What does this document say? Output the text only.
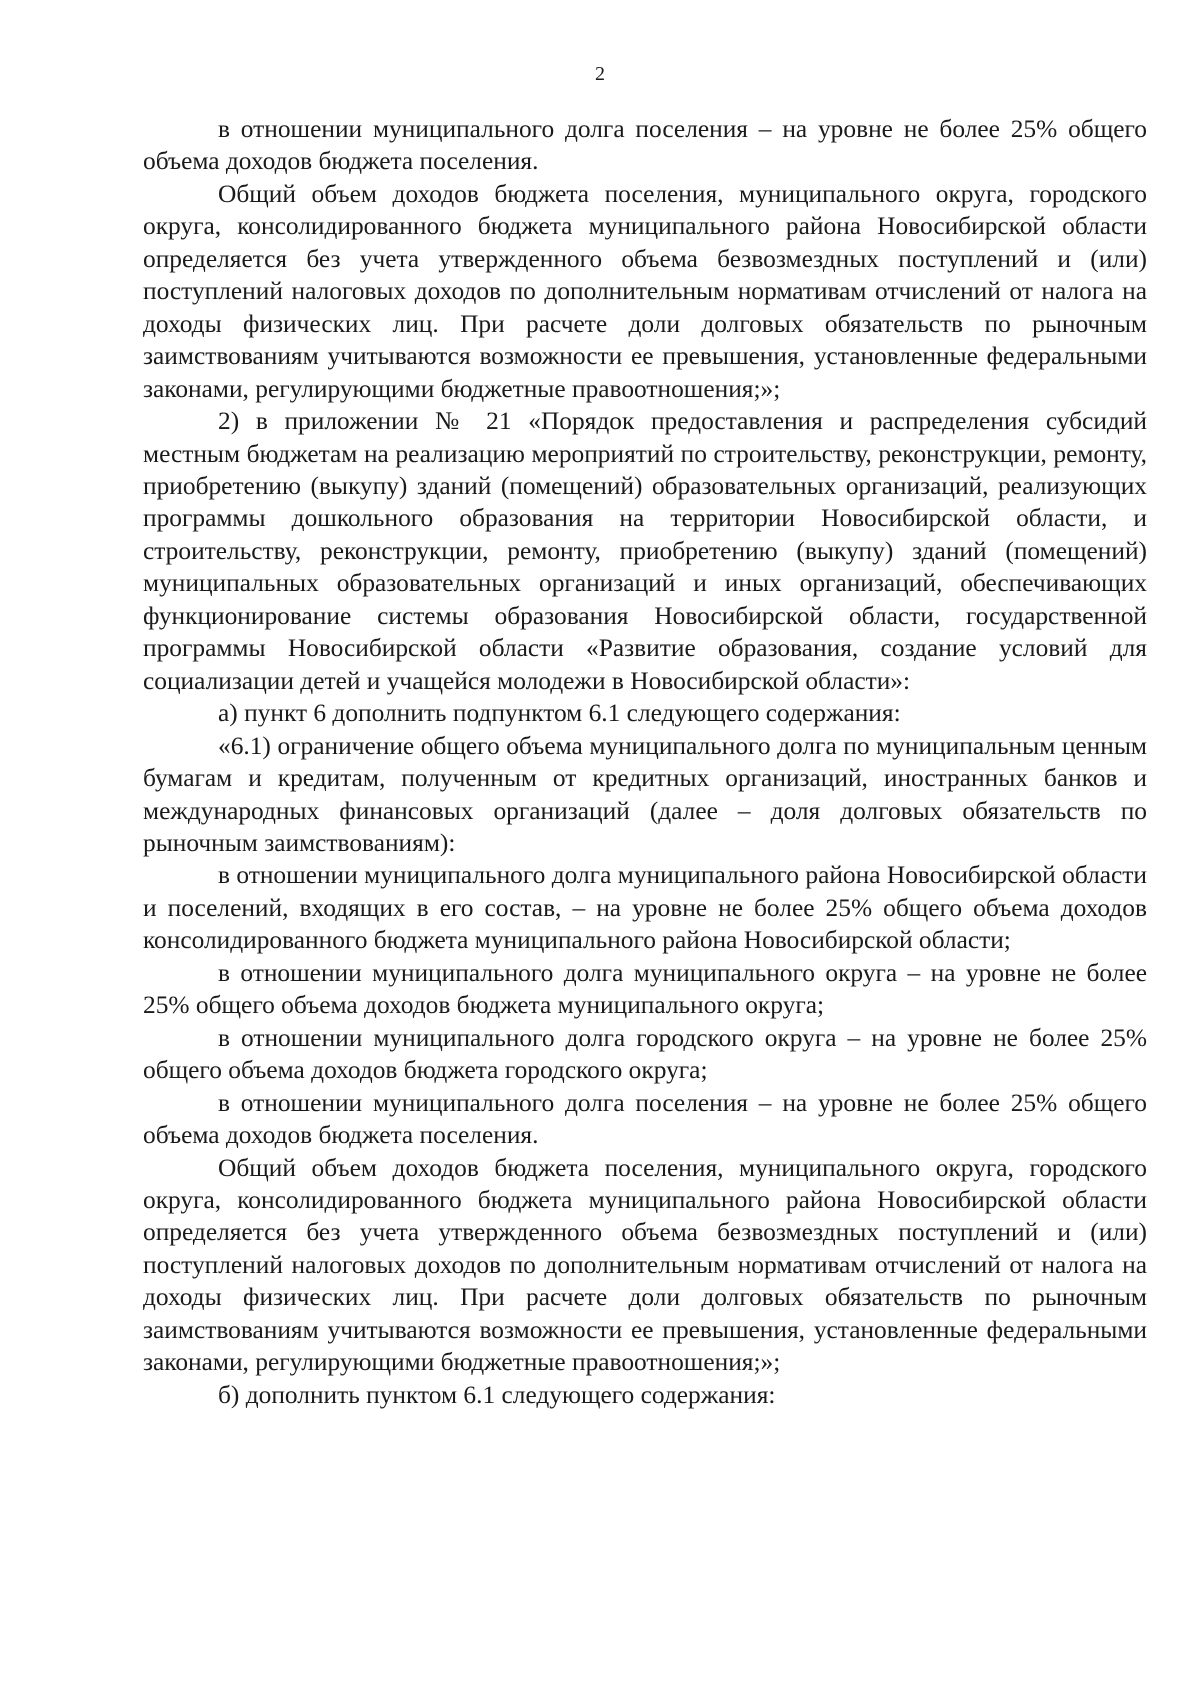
2

в отношении муниципального долга поселения – на уровне не более 25% общего объема доходов бюджета поселения.

Общий объем доходов бюджета поселения, муниципального округа, городского округа, консолидированного бюджета муниципального района Новосибирской области определяется без учета утвержденного объема безвозмездных поступлений и (или) поступлений налоговых доходов по дополнительным нормативам отчислений от налога на доходы физических лиц. При расчете доли долговых обязательств по рыночным заимствованиям учитываются возможности ее превышения, установленные федеральными законами, регулирующими бюджетные правоотношения;»;

2) в приложении № 21 «Порядок предоставления и распределения субсидий местным бюджетам на реализацию мероприятий по строительству, реконструкции, ремонту, приобретению (выкупу) зданий (помещений) образовательных организаций, реализующих программы дошкольного образования на территории Новосибирской области, и строительству, реконструкции, ремонту, приобретению (выкупу) зданий (помещений) муниципальных образовательных организаций и иных организаций, обеспечивающих функционирование системы образования Новосибирской области, государственной программы Новосибирской области «Развитие образования, создание условий для социализации детей и учащейся молодежи в Новосибирской области»:

а) пункт 6 дополнить подпунктом 6.1 следующего содержания:

«6.1) ограничение общего объема муниципального долга по муниципальным ценным бумагам и кредитам, полученным от кредитных организаций, иностранных банков и международных финансовых организаций (далее – доля долговых обязательств по рыночным заимствованиям):

в отношении муниципального долга муниципального района Новосибирской области и поселений, входящих в его состав, – на уровне не более 25% общего объема доходов консолидированного бюджета муниципального района Новосибирской области;

в отношении муниципального долга муниципального округа – на уровне не более 25% общего объема доходов бюджета муниципального округа;

в отношении муниципального долга городского округа – на уровне не более 25% общего объема доходов бюджета городского округа;

в отношении муниципального долга поселения – на уровне не более 25% общего объема доходов бюджета поселения.

Общий объем доходов бюджета поселения, муниципального округа, городского округа, консолидированного бюджета муниципального района Новосибирской области определяется без учета утвержденного объема безвозмездных поступлений и (или) поступлений налоговых доходов по дополнительным нормативам отчислений от налога на доходы физических лиц. При расчете доли долговых обязательств по рыночным заимствованиям учитываются возможности ее превышения, установленные федеральными законами, регулирующими бюджетные правоотношения;»;

б) дополнить пунктом 6.1 следующего содержания:
